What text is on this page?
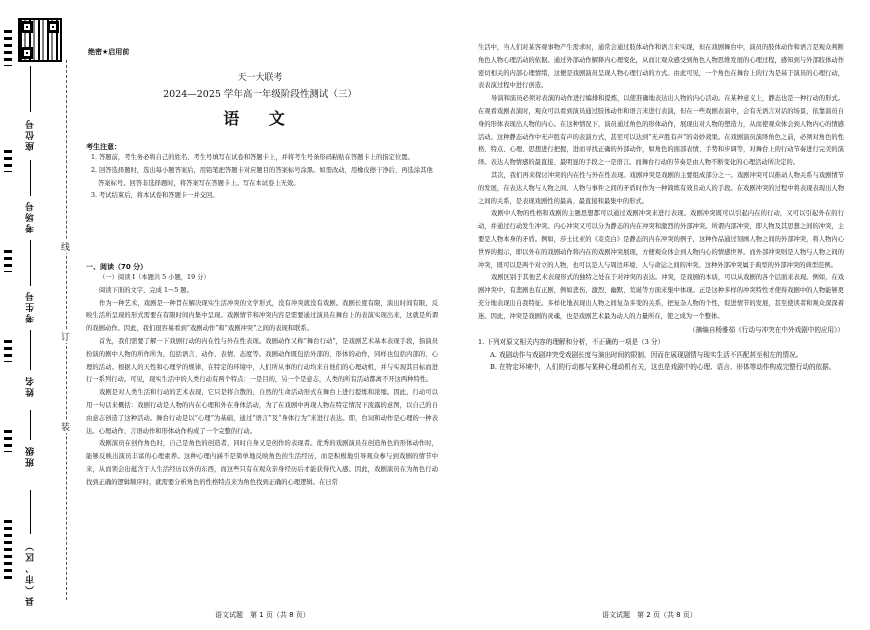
座位号
考场号
考生号
姓名
班级
县（市、区）
线
订
装
绝密★启用前
天一大联考
2024—2025 学年高一年级阶段性测试（三）
语 文
考生注意：

1. 答题前，考生务必将自己的姓名、考生号填写在试卷和答题卡上，并将考生号条形码粘贴在答题卡上的指定位置。

2. 回答选择题时，选出每小题答案后，用铅笔把答题卡对应题目的答案标号涂黑。如需改动，用橡皮擦干净后，再选涂其他答案标号。回答非选择题时，将答案写在答题卡上。写在本试卷上无效。

3. 考试结束后，将本试卷和答题卡一并交回。

一、阅读（70 分）

（一）阅读 I（本题共 5 小题，19 分）

阅读下面的文字，完成 1～5 题。

作为一种艺术，戏剧是一种旨在解决现实生活冲突的文学形式，没有冲突就没有戏剧。戏剧长度有限，演出时间有限，反映生活所呈现的形式需要在有限时间内集中呈现。戏剧情节和冲突内容是需要通过演员在舞台上的表演实现出来，这就是所谓的戏剧动作。因此，我们很容易看到“戏剧动作”和“戏剧冲突”之间的表现和联系。

首先，我们需要了解一下戏剧行动的内在性与外在性表现。戏剧动作又称“舞台行动”，是戏剧艺术基本表现手段，指演员扮演的剧中人物的所作所为，包括语言、动作、表情、态度等。戏剧动作既包括外部的、形体的动作，同样也包括内部的、心理的活动。根据人的天性和心理学的规律，在特定的环境中，人们所从事的行动均来自他们的心理动机，并与实现其目标而进行一系列行动。可见，现实生活中的人类行动有两个特点：一是目的，另一个是意志，人类的所有活动都离不开这两种特性。

戏剧是对人类生活和行动的艺术表现，它只是将合散的、自然的生命活动形式在舞台上进行提炼和浓缩。因此，行动可以用一句话来概括：戏剧行动是人物的内在心理和外在身体活动，为了在戏剧中再现人物在特定情况下流露的意图，以自己的自由意志创造了这种活动。舞台行动是以“心理”为基础，通过“语言”及“身体行为”来进行表达。即，台词和动作是心理的一种表达。心理动作、言语动作和形体动作构成了一个完整的行动。

戏剧演员在创作角色时，自己是角色的创造者，同时自身又是创作的表现者。优秀的戏剧演员在创造角色的形体动作时，能够反映出演员丰富的心理素养。这种心理内涵不是简单地反映角色的生活经历，而是积极地引导观众参与到戏剧的情节中来，从而领会出蕴含于人生活经历以外的东西，而这些只有在观众亲身经历后才能获得代入感。因此，戏剧演员在为角色行动找到正确的逻辑顺序时，就需要分析角色的性格特点来为角色找到正确的心理逻辑。在日常

语文试题　第 1 页（共 8 页）

生活中，当人们对某客观事物产生需求时，通常会通过肢体动作和语言来实现，但在戏剧舞台中，演员的肢体动作和语言是观众判断角色人物心理活动的依据。通过外部动作解释内心理变化，从而让观众感受到角色人物思维发展的心理过程，感知到与外部肢体动作密切相关的内部心理情绪，这便是戏剧演员呈现人物心理行动的方式。由此可见，一个角色在舞台上的行为是基于演员的心理行动，表表演过程中进行创造。

导演和演员必须对表演的动作进行编排和提炼，以使准确地表达出人物的内心活动。在某种意义上，静态也是一种行动的形式。在观看戏剧表演时，观众可以看到演员通过肢体动作和语言来进行表演，但在一些戏剧表演中，会有无语言对话的场景，依靠演员自身的形体表现出人物的内心。在这种情况下，演员通过角色的形体动作，展现出对人物的塑造力，从而使观众体会到人物内心的情感活动。这种静态动作中无声胜有声的表演方式，甚至可以达到“无声胜有声”的奇妙效果。在戏剧演员演绎角色之前，必须对角色的性格、特点、心理、思想进行把握，进而寻找正确的外部动作，如角色的面部表情、手势和步调等，对舞台上的行动节奏进行完美的演绎。表达人物情感的最直接、最明显的手段之一是语言。而舞台行动的节奏是由人物不断变化的心理活动所决定的。

其次，我们再来探讨冲突的内在性与外在性表现。戏剧冲突是戏剧的主要组成部分之一。戏剧冲突可以推动人物关系与戏剧情节的发展，在表达人物与人物之间、人物与事件之间的矛盾时作为一种简练有效且动人的手段。在戏剧冲突的过程中将表现表现出人物之间的关系，是表现戏剧性的最高、最直接和最集中的形式。

戏剧中人物的性格和戏剧的主题思想都可以通过戏剧冲突来进行表现。戏剧冲突既可以引起内在的行动，又可以引起外在的行动，并通过行动发生冲突。内心冲突又可以分为静态的内在冲突和激烈的外部冲突。所谓内部冲突，即人物及其思想之间的冲突，主要是人物本身的矛盾。例如，莎士比亚的《麦克白》是静态的内在冲突的例子，这种作品通过刻画人物之间的外部冲突，将人物内心世界的揭示，即以外在的戏剧动作将内在的戏剧冲突展现，方便观众体会到人物内心的情感世界。而外部冲突则是人物与人物之间的冲突，既可以是两个对立的人物，也可以是人与周边环境、人与命运之间的冲突。这种外部冲突属于典型的外部冲突的典型范例。

戏剧区别于其他艺术表现形式的独特之处在于对冲突的表达。冲突，是戏剧的本质，可以从戏剧的各个层面来表现。例如，在戏剧冲突中，有悲剧也有正剧，例如悲伤、激烈、幽默、荒诞等方面来集中体现。正是这种多样的冲突特性才使得戏剧中的人物能够更充分地表现出自我特征。多样化地表现出人物之间复杂多变的关系，把复杂人物的个性，促进情节的发展，甚至使读者和观众深深着迷。因此，冲突是戏剧的灵魂，也是戏剧艺术最为动人的力量所在，使之成为一个整体。

（摘编自杨雅茹《行动与冲突在中外戏剧中的应用》）

1. 下列对原文相关内容的理解和分析，不正确的一项是（3 分）

A. 戏剧动作与戏剧冲突受戏剧长度与演出时间的限制，因而在展现剧情与现实生活不匹配甚至相左的情况。

B. 在特定环境中，人们的行动都与某种心理动机有关，这也是戏剧中的心理、语言、形体等动作构成完整行动的依据。

语文试题　第 2 页（共 8 页）
